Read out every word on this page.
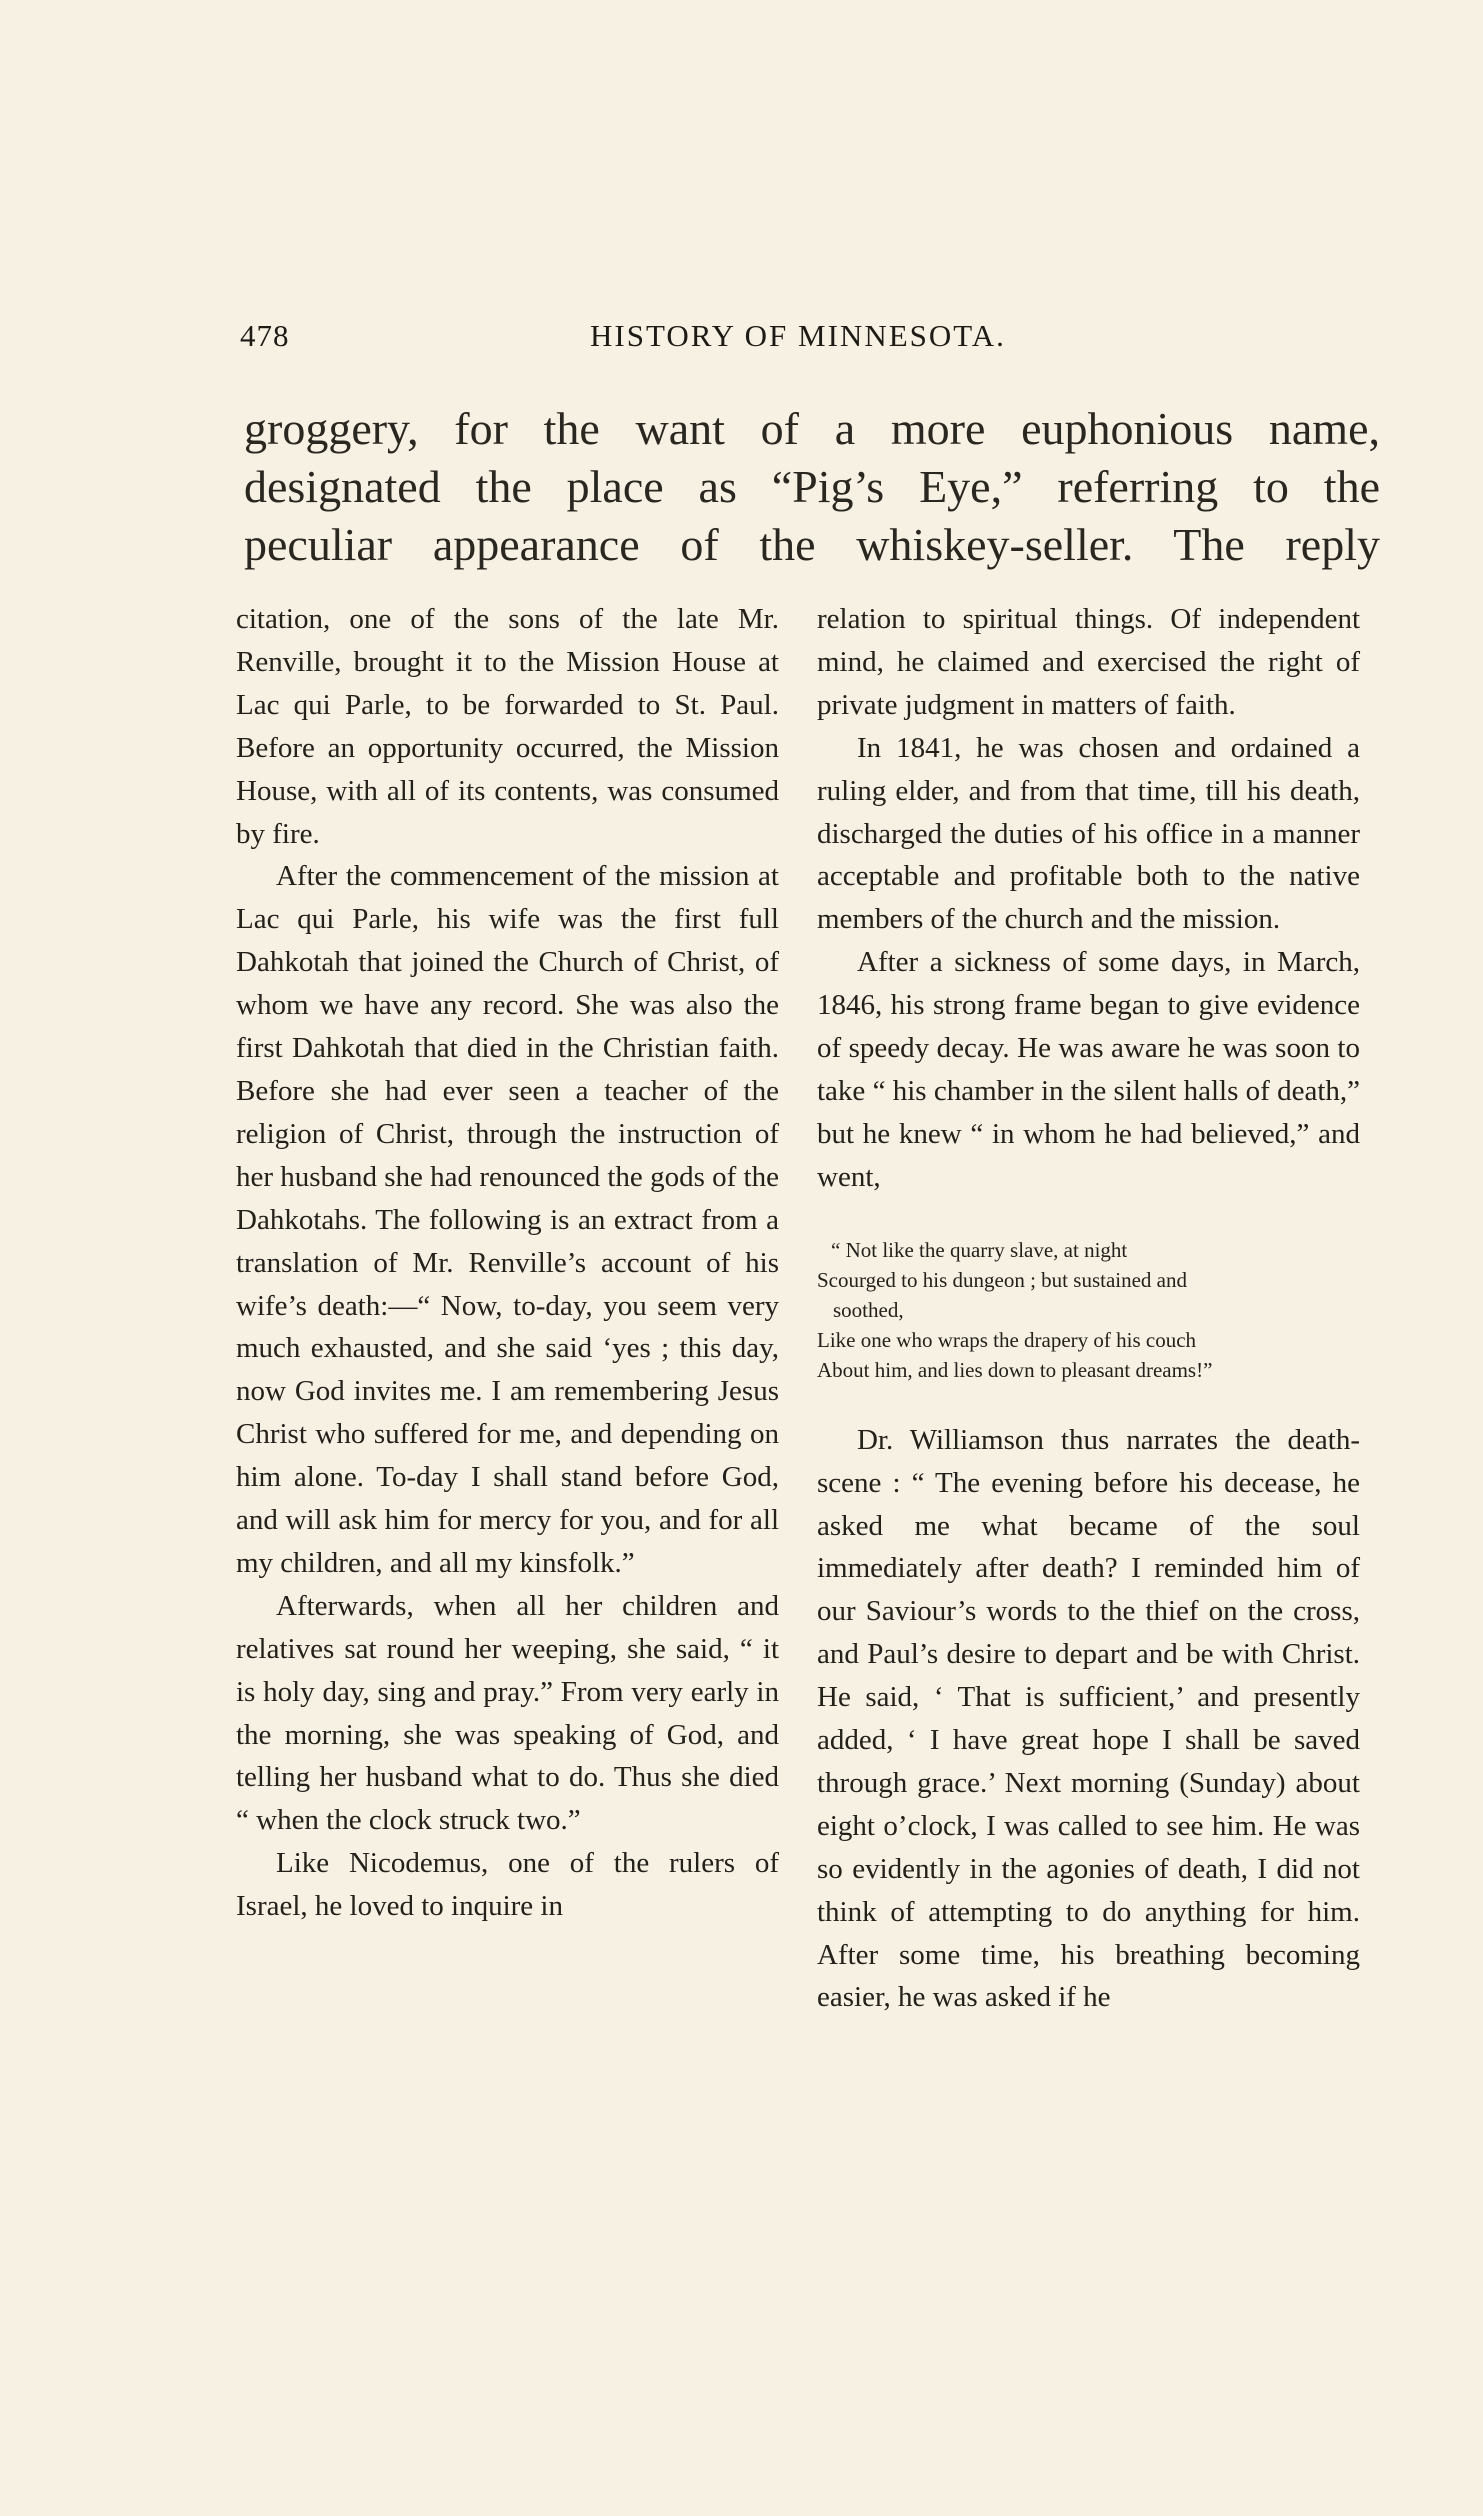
478	HISTORY OF MINNESOTA.
groggery, for the want of a more euphonious name,
designated the place as “Pig’s Eye,” referring to the
peculiar appearance of the whiskey-seller. The reply

citation, one of the sons of the late Mr. Renville, brought it to the Mission House at Lac qui Parle, to be forwarded to St. Paul. Before an opportunity occurred, the Mission House, with all of its contents, was consumed by fire.

After the commencement of the mission at Lac qui Parle, his wife was the first full Dahkotah that joined the Church of Christ, of whom we have any record. She was also the first Dahkotah that died in the Christian faith. Before she had ever seen a teacher of the religion of Christ, through the instruction of her husband she had renounced the gods of the Dahkotahs. The following is an extract from a translation of Mr. Renville’s account of his wife’s death:—“ Now, to-day, you seem very much exhausted, and she said ‘yes ; this day, now God invites me. I am remembering Jesus Christ who suffered for me, and depending on him alone. To-day I shall stand before God, and will ask him for mercy for you, and for all my children, and all my kinsfolk.”

Afterwards, when all her children and relatives sat round her weeping, she said, “ it is holy day, sing and pray.” From very early in the morning, she was speaking of God, and telling her husband what to do. Thus she died “ when the clock struck two.”

Like Nicodemus, one of the rulers of Israel, he loved to inquire in

relation to spiritual things. Of independent mind, he claimed and exercised the right of private judgment in matters of faith.

In 1841, he was chosen and ordained a ruling elder, and from that time, till his death, discharged the duties of his office in a manner acceptable and profitable both to the native members of the church and the mission.

After a sickness of some days, in March, 1846, his strong frame began to give evidence of speedy decay. He was aware he was soon to take “ his chamber in the silent halls of death,” but he knew “ in whom he had believed,” and went,

“ Not like the quarry slave, at night
Scourged to his dungeon ; but sustained and
soothed,
Like one who wraps the drapery of his couch
About him, and lies down to pleasant dreams!”

Dr. Williamson thus narrates the death-scene : “ The evening before his decease, he asked me what became of the soul immediately after death? I reminded him of our Saviour’s words to the thief on the cross, and Paul’s desire to depart and be with Christ. He said, ‘ That is sufficient,’ and presently added, ‘ I have great hope I shall be saved through grace.’ Next morning (Sunday) about eight o’clock, I was called to see him. He was so evidently in the agonies of death, I did not think of attempting to do anything for him. After some time, his breathing becoming easier, he was asked if he
